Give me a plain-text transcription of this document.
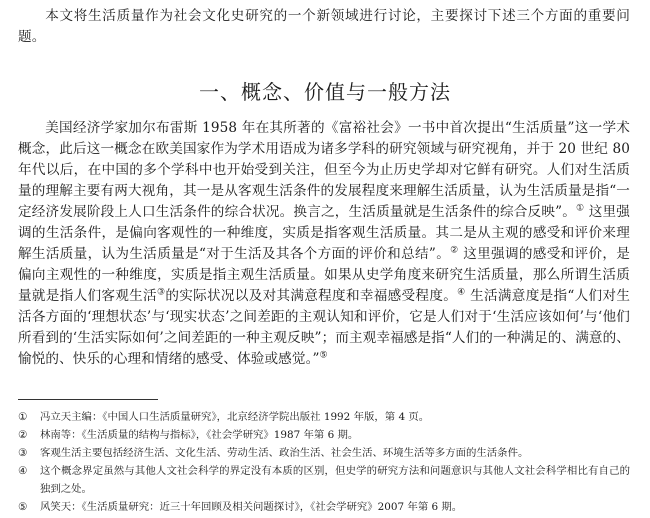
本文将生活质量作为社会文化史研究的一个新领域进行讨论，主要探讨下述三个方面的重要问题。

一、概念、价值与一般方法

美国经济学家加尔布雷斯 1958 年在其所著的《富裕社会》一书中首次提出“生活质量”这一学术概念，此后这一概念在欧美国家作为学术用语成为诸多学科的研究领域与研究视角，并于 20 世纪 80 年代以后，在中国的多个学科中也开始受到关注，但至今为止历史学却对它鲜有研究。人们对生活质量的理解主要有两大视角，其一是从客观生活条件的发展程度来理解生活质量，认为生活质量是指“一定经济发展阶段上人口生活条件的综合状况。换言之，生活质量就是生活条件的综合反映”。① 这里强调的生活条件，是偏向客观性的一种维度，实质是指客观生活质量。其二是从主观的感受和评价来理解生活质量，认为生活质量是“对于生活及其各个方面的评价和总结”。② 这里强调的感受和评价，是偏向主观性的一种维度，实质是指主观生活质量。如果从史学角度来研究生活质量，那么所谓生活质量就是指人们客观生活③的实际状况以及对其满意程度和幸福感受程度。④ 生活满意度是指“人们对生活各方面的‘理想状态’与‘现实状态’之间差距的主观认知和评价，它是人们对于‘生活应该如何’与‘他们所看到的‘生活实际如何’之间差距的一种主观反映”；而主观幸福感是指“人们的一种满足的、满意的、愉悦的、快乐的心理和情绪的感受、体验或感觉。”⑤

①	冯立天主编：《中国人口生活质量研究》，北京经济学院出版社 1992 年版，第 4 页。
②	林南等：《生活质量的结构与指标》，《社会学研究》1987 年第 6 期。
③	客观生活主要包括经济生活、文化生活、劳动生活、政治生活、社会生活、环境生活等多方面的生活条件。
④	这个概念界定虽然与其他人文社会科学的界定没有本质的区别，但史学的研究方法和问题意识与其他人文社会科学相比有自己的独到之处。
⑤	风笑天：《生活质量研究：近三十年回顾及相关问题探讨》，《社会学研究》2007 年第 6 期。
